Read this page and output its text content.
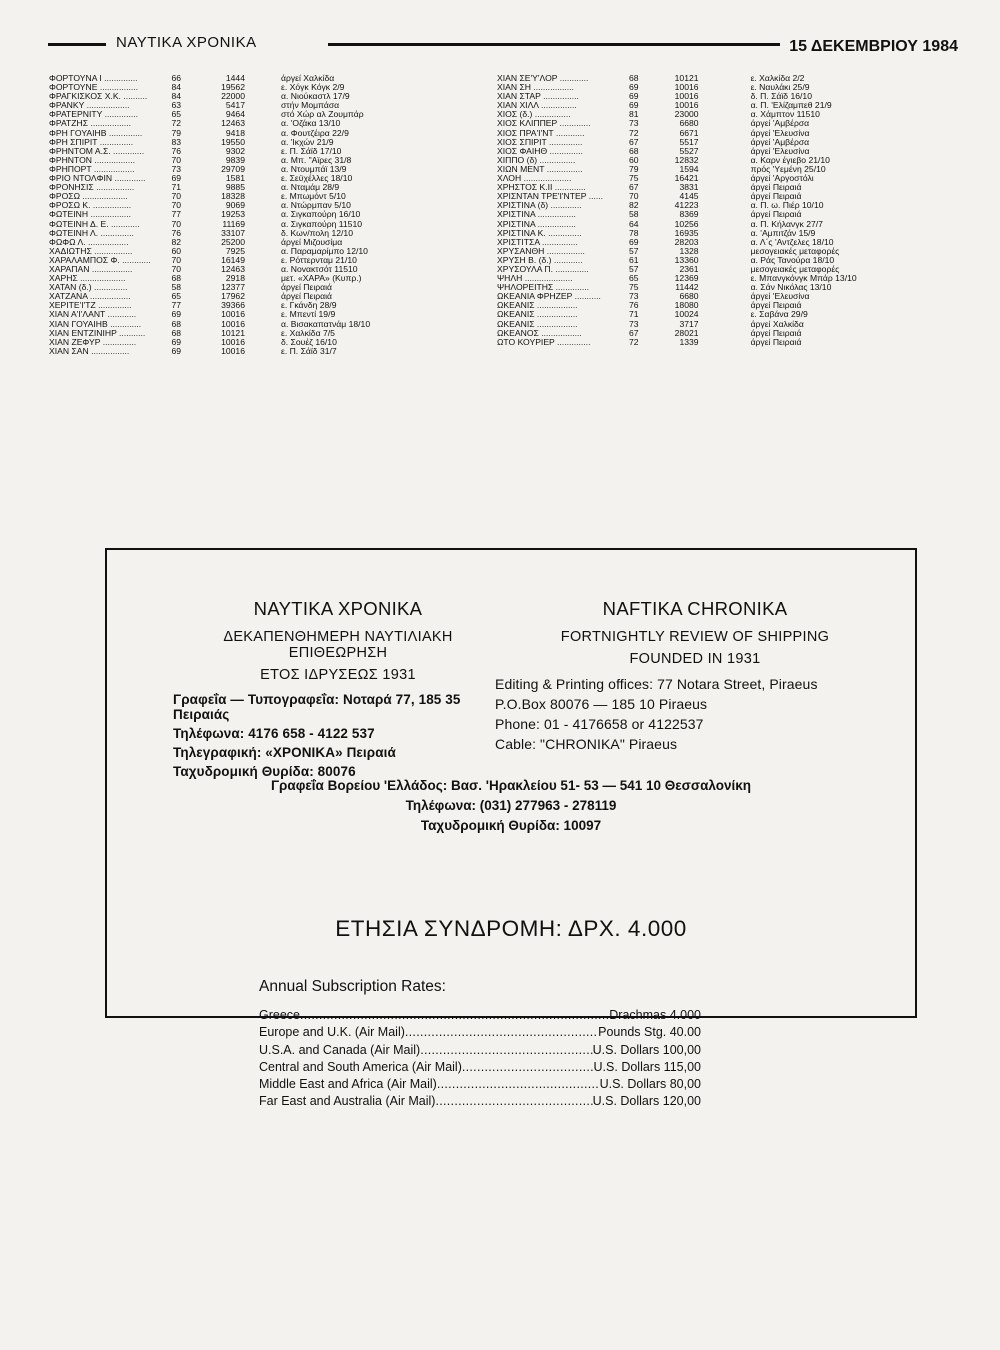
ΝΑΥΤΙΚΑ ΧΡΟΝΙΚΑ	15 ΔΕΚΕΜΒΡΙΟΥ 1984
ΦΟΡΤΟΥΝΑ Ι ..............	66	1444	άργεί Χαλκίδα
ΦΟΡΤΟΥΝΕ ................	84	19562	ε. Χόγκ Κόγκ 2/9
ΦΡΑΓΚΙΣΚΟΣ Χ.Κ. ..........	84	22000	α. Νιούκαστλ 17/9
ΦΡΑΝΚΥ ..................	63	5417	στήν Μομπάσα
ΦΡΑΤΕΡΝΙΤΥ ..............	65	9464	στό Χώρ αλ Ζουμπάρ
ΦΡΑΤΖΗΣ .................	72	12463	α. 'Οζάκα 13/10
ΦΡΗ ΓΟΥΑΙΗΒ ..............	79	9418	α. Φουτζέιρα 22/9
ΦΡΗ ΣΠΙΡΙΤ ..............	83	19550	α. 'Ικχών 21/9
ΦΡΗΝΤΟΜ Α.Σ. .............	76	9302	ε. Π. Σάϊδ 17/10
ΦΡΗΝΤΟΝ .................	70	9839	α. Μπ. "Αϊρες 31/8
ΦΡΗΠΟΡΤ .................	73	29709	α. Ντουμπάϊ 13/9
ΦΡΙΟ ΝΤΟΛΦΙΝ .............	69	1581	ε. Σεϋχέλλες 18/10
ΦΡΟΝΗΣΙΣ ................	71	9885	α. Νταμάμ 28/9
ΦΡΟΣΩ ...................	70	18328	ε. Μπωμόντ 5/10
ΦΡΟΣΩ Κ. ................	70	9069	α. Ντώρμπαν 5/10
ΦΩΤΕΙΝΗ .................	77	19253	α. Σιγκαπούρη 16/10
ΦΩΤΕΙΝΗ Δ. Ε. ............	70	11169	α. Σιγκαπούρη 11510
ΦΩΤΕΙΝΗ Λ. ..............	76	33107	δ. Κων/πολη 12/10
ΦΩΦΩ Λ. .................	82	25200	άργεί Μιζουσίμα
ΧΑΔΙΩΤΗΣ ................	60	7925	α. Παραμαρίμπο 12/10
ΧΑΡΑΛΑΜΠΟΣ Φ. ............	70	16149	ε. Ρόττερνταμ 21/10
ΧΑΡΑΠΑΝ .................	70	12463	α. Νοvακτσότ 11510
ΧΑΡΗΣ ...................	68	2918	μετ. «ΧΑΡΑ» (Κυπρ.)
ΧΑΤΑΝ (δ.) ..............	58	12377	άργεί Πειραιά
ΧΑΤΖΑΝΑ .................	65	17962	άργεί Πειραιά
ΧΕΡΙΤΕ'Ι'ΤΖ ..............	77	39366	ε. Γκάνδη 28/9
ΧΙΑΝ Α'Ι'ΛΑΝΤ ............	69	10016	ε. Μπεντί 19/9
ΧΙΑΝ ΓΟΥΑΙΗΒ .............	68	10016	α. Βισακαπατνάμ 18/10
ΧΙΑΝ ΕΝΤΖΙΝΙΗΡ ...........	68	10121	ε. Χαλκίδα 7/5
ΧΙΑΝ ΖΕΦΥΡ ..............	69	10016	δ. Σουέζ 16/10
ΧΙΑΝ ΣΑΝ ................	69	10016	ε. Π. Σάϊδ 31/7
ΧΙΑΝ ΣΕ'Υ'ΛΟΡ ............	68	10121	ε. Χαλκίδα 2/2
ΧΙΑΝ ΣΗ .................	69	10016	ε. Ναυλάκι 25/9
ΧΙΑΝ ΣΤΑΡ ...............	69	10016	δ. Π. Σάϊδ 16/10
ΧΙΑΝ ΧΙΛΛ ...............	69	10016	α. Π. 'Ελίζαμπεθ 21/9
ΧΙΟΣ (δ.) ...............	81	23000	α. Χάμπτον 11510
ΧΙΟΣ ΚΛΙΠΠΕΡ .............	73	6680	άργεί 'Αμβέρσα
ΧΙΟΣ ΠΡΑ'Ι'ΝΤ ............	72	6671	άργεί 'Ελευσίνα
ΧΙΟΣ ΣΠΙΡΙΤ ..............	67	5517	άργεί 'Αμβέρσα
ΧΙΟΣ ΦΑΙΗΘ ..............	68	5527	άργεί 'Ελευσίνα
ΧΙΠΠΟ (δ) ...............	60	12832	α. Καρν έγιεβο 21/10
ΧΙΩΝ ΜΕΝΤ ...............	79	1594	πρός 'Υεμένη 25/10
ΧΛΟΗ ....................	75	16421	άργεί 'Αργοστόλι
ΧΡΗΣΤΟΣ Κ.ΙΙ .............	67	3831	άργεί Πειραιά
ΧΡΙΣΝΤΑΝ ΤΡΕ'Ι'ΝΤΕΡ ......	70	4145	άργεί Πειραιά
ΧΡΙΣΤΙΝΑ (δ) .............	82	41223	α. Π. ω. Πιέρ 10/10
ΧΡΙΣΤΙΝΑ ................	58	8369	άργεί Πειραιά
ΧΡΙΣΤΙΝΑ ................	64	10256	α. Π. Κήλανγκ 27/7
ΧΡΙΣΤΙΝΑ Κ. ..............	78	16935	α. 'Αμπιτζάν 15/9
ΧΡΙΣΤΙΤΣΑ ...............	69	28203	α. Λ΄ς 'Αντζελες 18/10
ΧΡΥΣΑΝΘΗ ................	57	1328	μεσογειακές μεταφορές
ΧΡΥΣΗ Β. (δ.) ............	61	13360	α. Ράς Τανούρα 18/10
ΧΡΥΣΟΥΛΑ Π. ..............	57	2361	μεσογειακές μεταφορές
ΨΗΛΗ ....................	65	12369	ε. Μπανγκόνγκ Μπάρ 13/10
ΨΗΛΟΡΕΙΤΗΣ ..............	75	11442	α. Σάν Νικόλας 13/10
ΩΚΕΑΝΙΑ ΦΡΗΖΕΡ ...........	73	6680	άργεί 'Ελευσίνα
ΩΚΕΑΝΙΣ .................	76	18080	άργεί Πειραιά
ΩΚΕΑΝΙΣ .................	71	10024	ε. Σαβάνα 29/9
ΩΚΕΑΝΙΣ .................	73	3717	άργεί Χαλκίδα
ΩΚΕΑΝΟΣ .................	67	28021	άργεί Πειραιά
ΩΤΟ ΚΟΥΡΙΕΡ ..............	72	1339	άργεί Πειραιά
ΝΑΥΤΙΚΑ ΧΡΟΝΙΚΑ
ΔΕΚΑΠΕΝΘΗΜΕΡΗ ΝΑΥΤΙΛΙΑΚΗ ΕΠΙΘΕΩΡΗΣΗ
ΕΤΟΣ ΙΔΡΥΣΕΩΣ 1931
Γραφεΐα — Τυπογραφεΐα: Νοταρά 77, 185 35 Πειραιάς
Τηλέφωνα: 4176 658 - 4122 537
Τηλεγραφική: «ΧΡΟΝΙΚΑ» Πειραιά
Ταχυδρομική Θυρίδα: 80076
NAFTIKA CHRONIKA
FORTNIGHTLY REVIEW OF SHIPPING
FOUNDED IN 1931
Editing & Printing offices: 77 Notara Street, Piraeus
P.O.Box 80076 — 185 10 Piraeus
Phone: 01 - 4176658 or 4122537
Cable: "CHRONIKA" Piraeus
Γραφεΐα Βορείου 'Ελλάδος: Βασ. 'Ηρακλείου 51- 53 — 541 10 Θεσσαλονίκη
Τηλέφωνα: (031) 277963 - 278119
Ταχυδρομική Θυρίδα: 10097
ΕΤΗΣΙΑ ΣΥΝΔΡΟΜΗ: ΔΡΧ. 4.000
Annual Subscription Rates:
Greece .....	Drachmas 4.000
Europe and U.K. (Air Mail) .....	Pounds Stg. 40.00
U.S.A. and Canada (Air Mail) .....	U.S. Dollars 100,00
Central and South America (Air Mail) .....	U.S. Dollars 115,00
Middle East and Africa (Air Mail) .....	U.S. Dollars 80,00
Far East and Australia (Air Mail) .....	U.S. Dollars 120,00
